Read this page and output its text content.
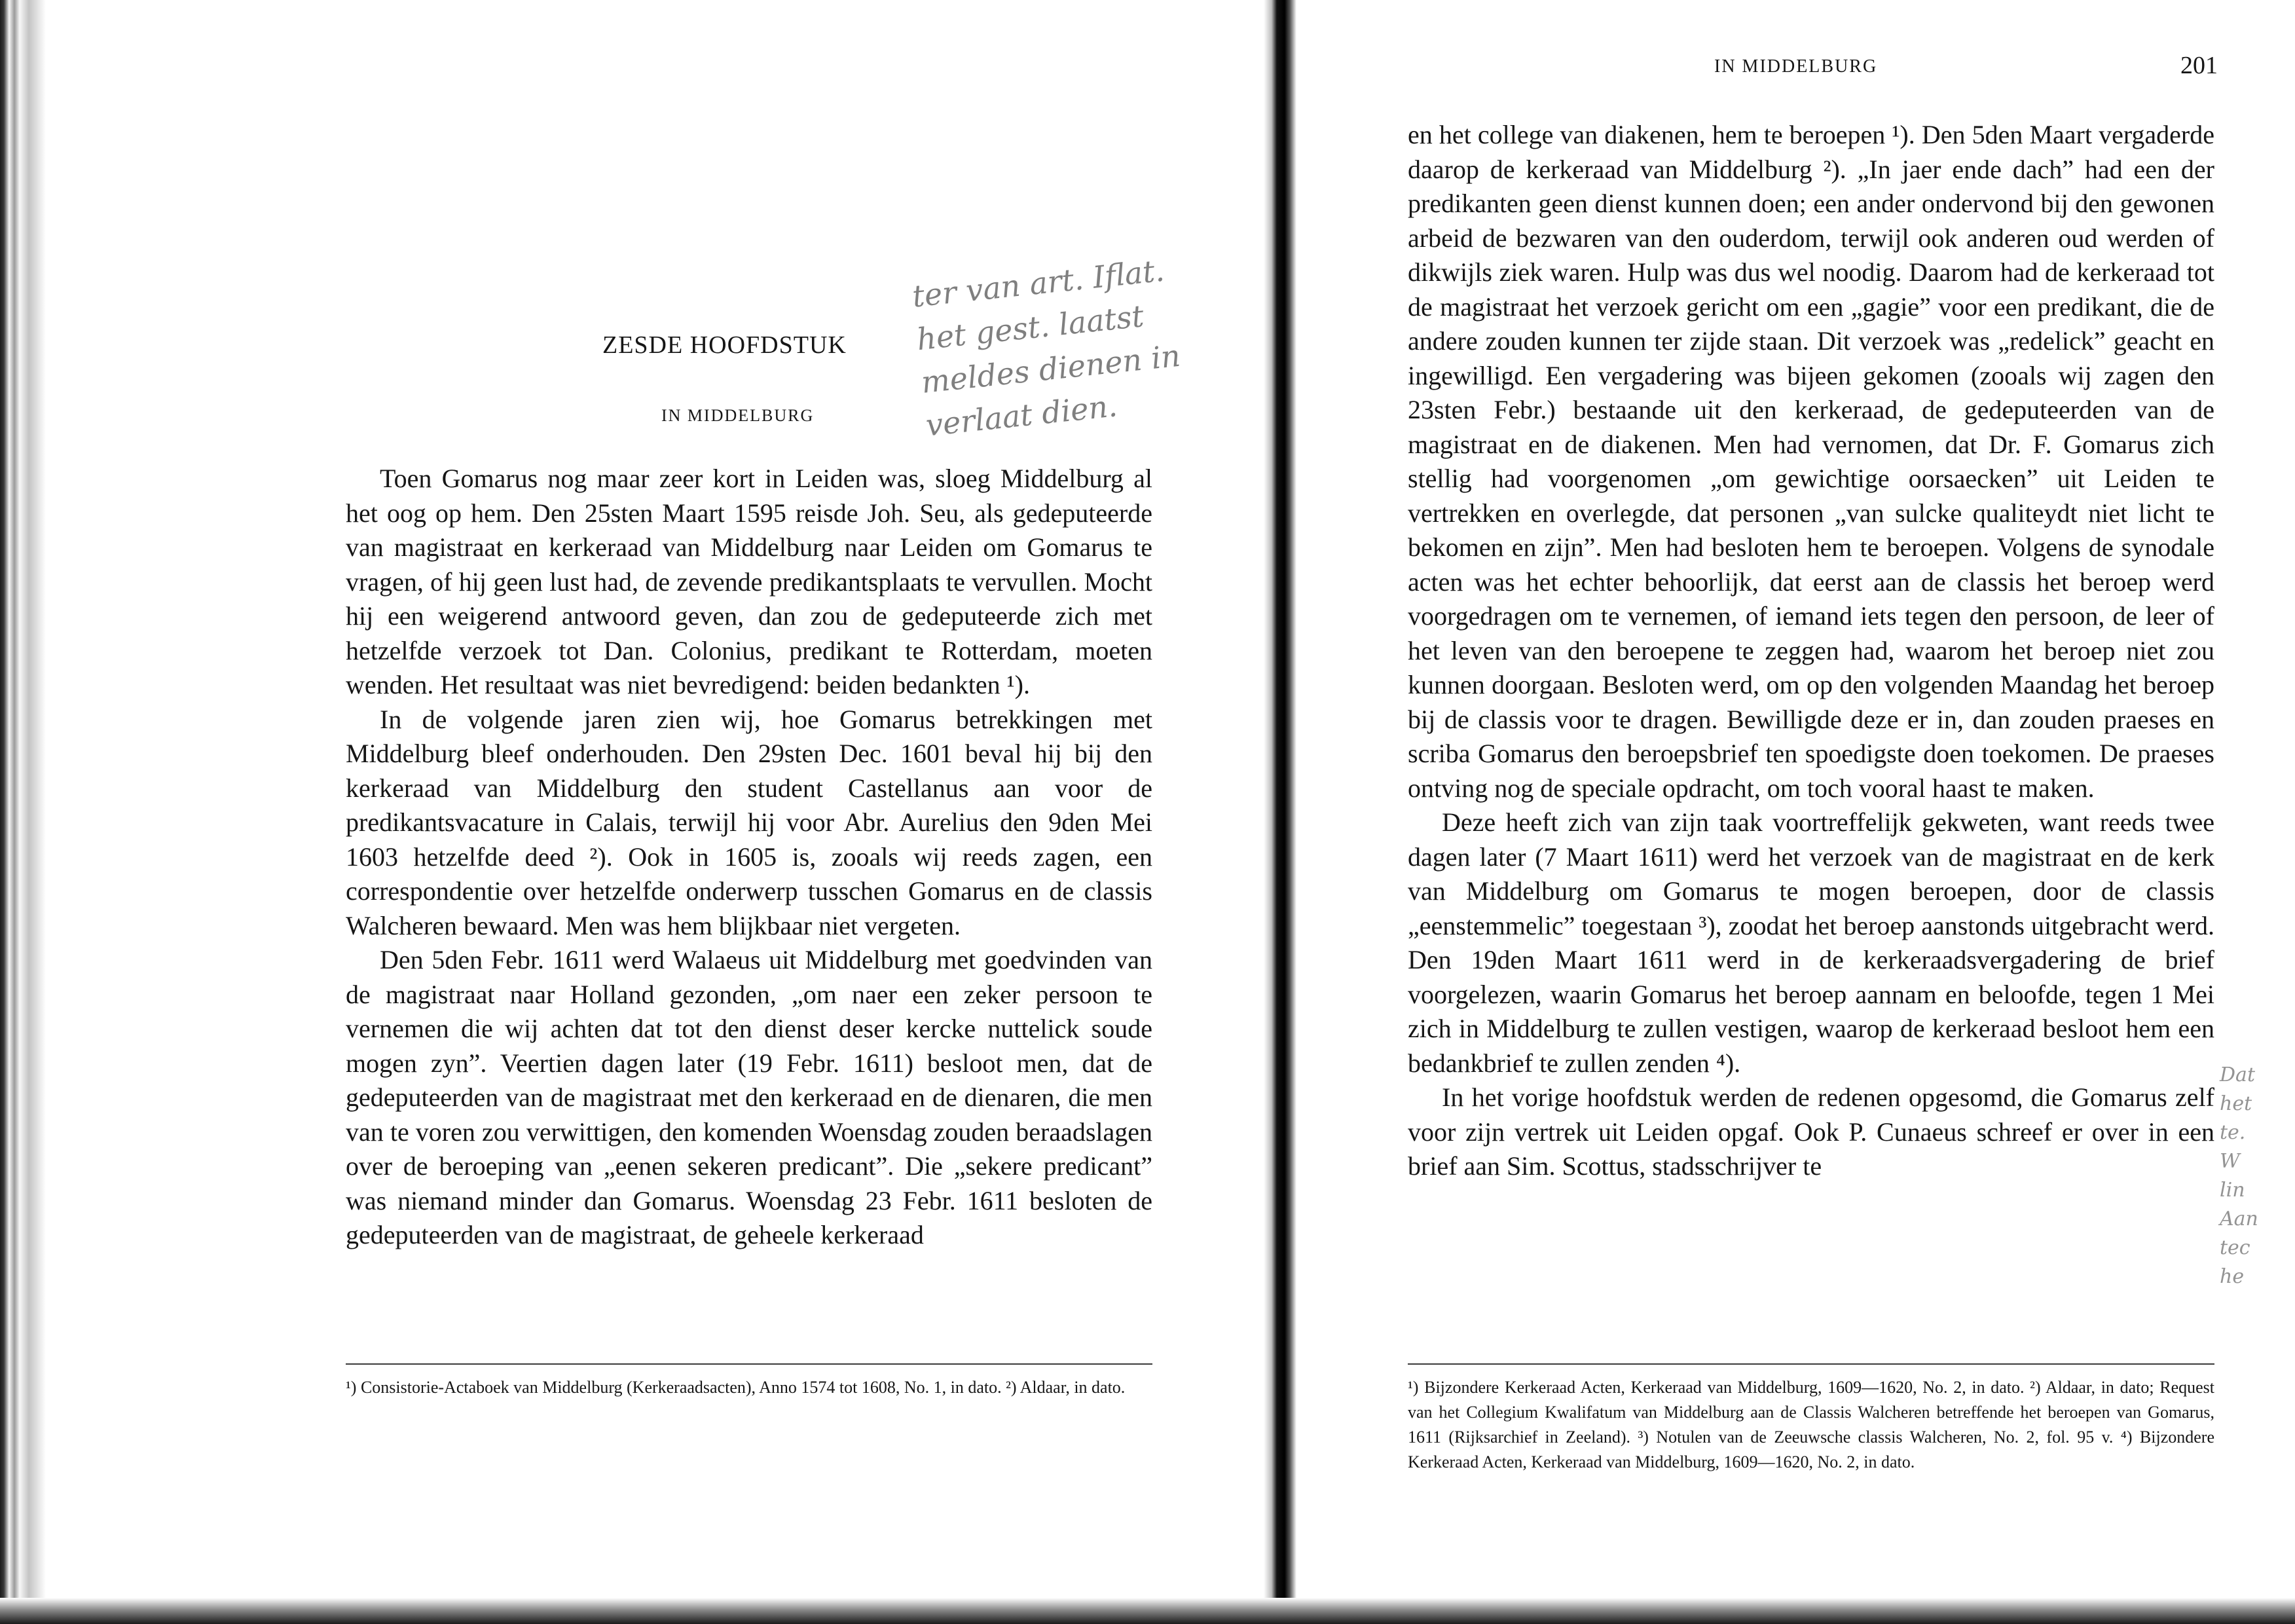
ZESDE HOOFDSTUK
IN MIDDELBURG
ter van art. Iflat.
het gest. laatst
meldes dienen in
verlaat dien.

Toen Gomarus nog maar zeer kort in Leiden was, sloeg Middelburg al het oog op hem. Den 25sten Maart 1595 reisde Joh. Seu, als gedeputeerde van magistraat en kerkeraad van Middelburg naar Leiden om Gomarus te vragen, of hij geen lust had, de zevende predikantsplaats te vervullen. Mocht hij een weigerend antwoord geven, dan zou de gedeputeerde zich met hetzelfde verzoek tot Dan. Colonius, predikant te Rotterdam, moeten wenden. Het resultaat was niet bevredigend: beiden bedankten ¹).

In de volgende jaren zien wij, hoe Gomarus betrekkingen met Middelburg bleef onderhouden. Den 29sten Dec. 1601 beval hij bij den kerkeraad van Middelburg den student Castellanus aan voor de predikantsvacature in Calais, terwijl hij voor Abr. Aurelius den 9den Mei 1603 hetzelfde deed ²). Ook in 1605 is, zooals wij reeds zagen, een correspondentie over hetzelfde onderwerp tusschen Gomarus en de classis Walcheren bewaard. Men was hem blijkbaar niet vergeten.

Den 5den Febr. 1611 werd Walaeus uit Middelburg met goedvinden van de magistraat naar Holland gezonden, „om naer een zeker persoon te vernemen die wij achten dat tot den dienst deser kercke nuttelick soude mogen zyn”. Veertien dagen later (19 Febr. 1611) besloot men, dat de gedeputeerden van de magistraat met den kerkeraad en de dienaren, die men van te voren zou verwittigen, den komenden Woensdag zouden beraadslagen over de beroeping van „eenen sekeren predicant”. Die „sekere predicant” was niemand minder dan Gomarus. Woensdag 23 Febr. 1611 besloten de gedeputeerden van de magistraat, de geheele kerkeraad

¹) Consistorie-Actaboek van Middelburg (Kerkeraadsacten), Anno 1574 tot 1608, No. 1, in dato. ²) Aldaar, in dato.

IN MIDDELBURG	201

en het college van diakenen, hem te beroepen ¹). Den 5den Maart vergaderde daarop de kerkeraad van Middelburg ²). „In jaer ende dach” had een der predikanten geen dienst kunnen doen; een ander ondervond bij den gewonen arbeid de bezwaren van den ouderdom, terwijl ook anderen oud werden of dikwijls ziek waren. Hulp was dus wel noodig. Daarom had de kerkeraad tot de magistraat het verzoek gericht om een „gagie” voor een predikant, die de andere zouden kunnen ter zijde staan. Dit verzoek was „redelick” geacht en ingewilligd. Een vergadering was bijeen gekomen (zooals wij zagen den 23sten Febr.) bestaande uit den kerkeraad, de gedeputeerden van de magistraat en de diakenen. Men had vernomen, dat Dr. F. Gomarus zich stellig had voorgenomen „om gewichtige oorsaecken” uit Leiden te vertrekken en overlegde, dat personen „van sulcke qualiteydt niet licht te bekomen en zijn”. Men had besloten hem te beroepen. Volgens de synodale acten was het echter behoorlijk, dat eerst aan de classis het beroep werd voorgedragen om te vernemen, of iemand iets tegen den persoon, de leer of het leven van den beroepene te zeggen had, waarom het beroep niet zou kunnen doorgaan. Besloten werd, om op den volgenden Maandag het beroep bij de classis voor te dragen. Bewilligde deze er in, dan zouden praeses en scriba Gomarus den beroepsbrief ten spoedigste doen toekomen. De praeses ontving nog de speciale opdracht, om toch vooral haast te maken.

Deze heeft zich van zijn taak voortreffelijk gekweten, want reeds twee dagen later (7 Maart 1611) werd het verzoek van de magistraat en de kerk van Middelburg om Gomarus te mogen beroepen, door de classis „eenstemmelic” toegestaan ³), zoodat het beroep aanstonds uitgebracht werd. Den 19den Maart 1611 werd in de kerkeraadsvergadering de brief voorgelezen, waarin Gomarus het beroep aannam en beloofde, tegen 1 Mei zich in Middelburg te zullen vestigen, waarop de kerkeraad besloot hem een bedankbrief te zullen zenden ⁴).

In het vorige hoofdstuk werden de redenen opgesomd, die Gomarus zelf voor zijn vertrek uit Leiden opgaf. Ook P. Cunaeus schreef er over in een brief aan Sim. Scottus, stadsschrijver te

Dat
het
te.
W
lin
Aan
tec
he

¹) Bijzondere Kerkeraad Acten, Kerkeraad van Middelburg, 1609—1620, No. 2, in dato. ²) Aldaar, in dato; Request van het Collegium Kwalifatum van Middelburg aan de Classis Walcheren betreffende het beroepen van Gomarus, 1611 (Rijksarchief in Zeeland). ³) Notulen van de Zeeuwsche classis Walcheren, No. 2, fol. 95 v. ⁴) Bijzondere Kerkeraad Acten, Kerkeraad van Middelburg, 1609—1620, No. 2, in dato.
